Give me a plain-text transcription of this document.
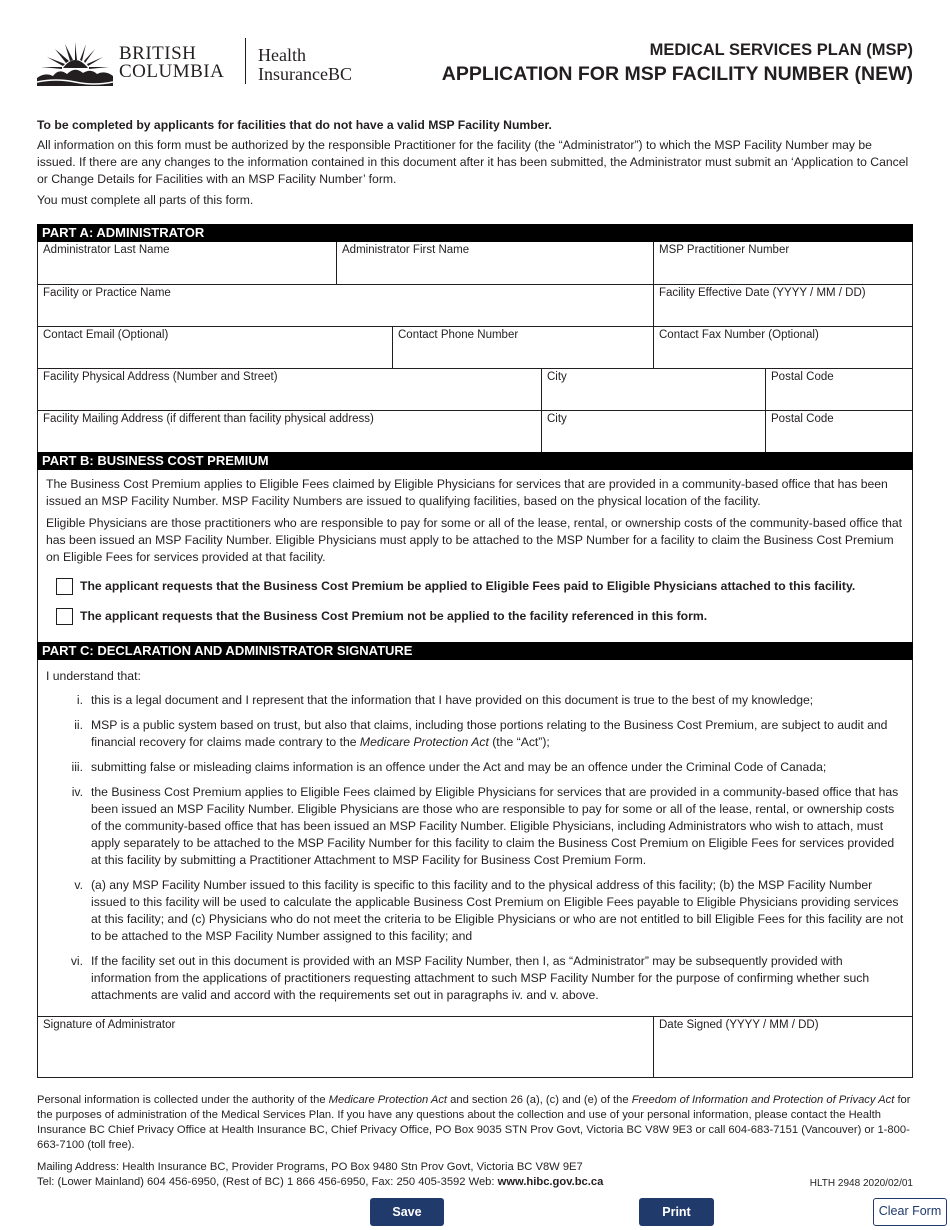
BRITISH
COLUMBIA
Health
InsuranceBC
MEDICAL SERVICES PLAN (MSP)
APPLICATION FOR MSP FACILITY NUMBER (NEW)

To be completed by applicants for facilities that do not have a valid MSP Facility Number.

All information on this form must be authorized by the responsible Practitioner for the facility (the “Administrator”) to which the MSP Facility Number may be issued. If there are any changes to the information contained in this document after it has been submitted, the Administrator must submit an ‘Application to Cancel or Change Details for Facilities with an MSP Facility Number’ form.

You must complete all parts of this form.

PART A: ADMINISTRATOR
Administrator Last Name	Administrator First Name	MSP Practitioner Number
Facility or Practice Name	Facility Effective Date (YYYY / MM / DD)
Contact Email (Optional)	Contact Phone Number	Contact Fax Number (Optional)
Facility Physical Address (Number and Street)	City	Postal Code
Facility Mailing Address (if different than facility physical address)	City	Postal Code
PART B: BUSINESS COST PREMIUM

The Business Cost Premium applies to Eligible Fees claimed by Eligible Physicians for services that are provided in a community-based office that has been issued an MSP Facility Number. MSP Facility Numbers are issued to qualifying facilities, based on the physical location of the facility.

Eligible Physicians are those practitioners who are responsible to pay for some or all of the lease, rental, or ownership costs of the community-based office that has been issued an MSP Facility Number. Eligible Physicians must apply to be attached to the MSP Number for a facility to claim the Business Cost Premium on Eligible Fees for services provided at that facility.

The applicant requests that the Business Cost Premium be applied to Eligible Fees paid to Eligible Physicians attached to this facility.
The applicant requests that the Business Cost Premium not be applied to the facility referenced in this form.
PART C: DECLARATION AND ADMINISTRATOR SIGNATURE

I understand that:

i. this is a legal document and I represent that the information that I have provided on this document is true to the best of my knowledge;
ii. MSP is a public system based on trust, but also that claims, including those portions relating to the Business Cost Premium, are subject to audit and financial recovery for claims made contrary to the Medicare Protection Act (the “Act”);
iii. submitting false or misleading claims information is an offence under the Act and may be an offence under the Criminal Code of Canada;
iv. the Business Cost Premium applies to Eligible Fees claimed by Eligible Physicians for services that are provided in a community-based office that has been issued an MSP Facility Number. Eligible Physicians are those who are responsible to pay for some or all of the lease, rental, or ownership costs of the community-based office that has been issued an MSP Facility Number. Eligible Physicians, including Administrators who wish to attach, must apply separately to be attached to the MSP Facility Number for this facility to claim the Business Cost Premium on Eligible Fees for services provided at this facility by submitting a Practitioner Attachment to MSP Facility for Business Cost Premium Form.
v. (a) any MSP Facility Number issued to this facility is specific to this facility and to the physical address of this facility; (b) the MSP Facility Number issued to this facility will be used to calculate the applicable Business Cost Premium on Eligible Fees payable to Eligible Physicians providing services at this facility; and (c) Physicians who do not meet the criteria to be Eligible Physicians or who are not entitled to bill Eligible Fees for this facility are not to be attached to the MSP Facility Number assigned to this facility; and
vi. If the facility set out in this document is provided with an MSP Facility Number, then I, as “Administrator” may be subsequently provided with information from the applications of practitioners requesting attachment to such MSP Facility Number for the purpose of confirming whether such attachments are valid and accord with the requirements set out in paragraphs iv. and v. above.
Signature of Administrator	Date Signed (YYYY / MM / DD)
Personal information is collected under the authority of the Medicare Protection Act and section 26 (a), (c) and (e) of the Freedom of Information and Protection of Privacy Act for the purposes of administration of the Medical Services Plan. If you have any questions about the collection and use of your personal information, please contact the Health Insurance BC Chief Privacy Office at Health Insurance BC, Chief Privacy Office, PO Box 9035 STN Prov Govt, Victoria BC V8W 9E3 or call 604-683-7151 (Vancouver) or 1-800-663-7100 (toll free).
Mailing Address: Health Insurance BC, Provider Programs, PO Box 9480 Stn Prov Govt, Victoria BC V8W 9E7
Tel: (Lower Mainland) 604 456-6950, (Rest of BC) 1 866 456-6950, Fax: 250 405-3592 Web: www.hibc.gov.bc.ca	HLTH 2948 2020/02/01
Save	Print	Clear Form
